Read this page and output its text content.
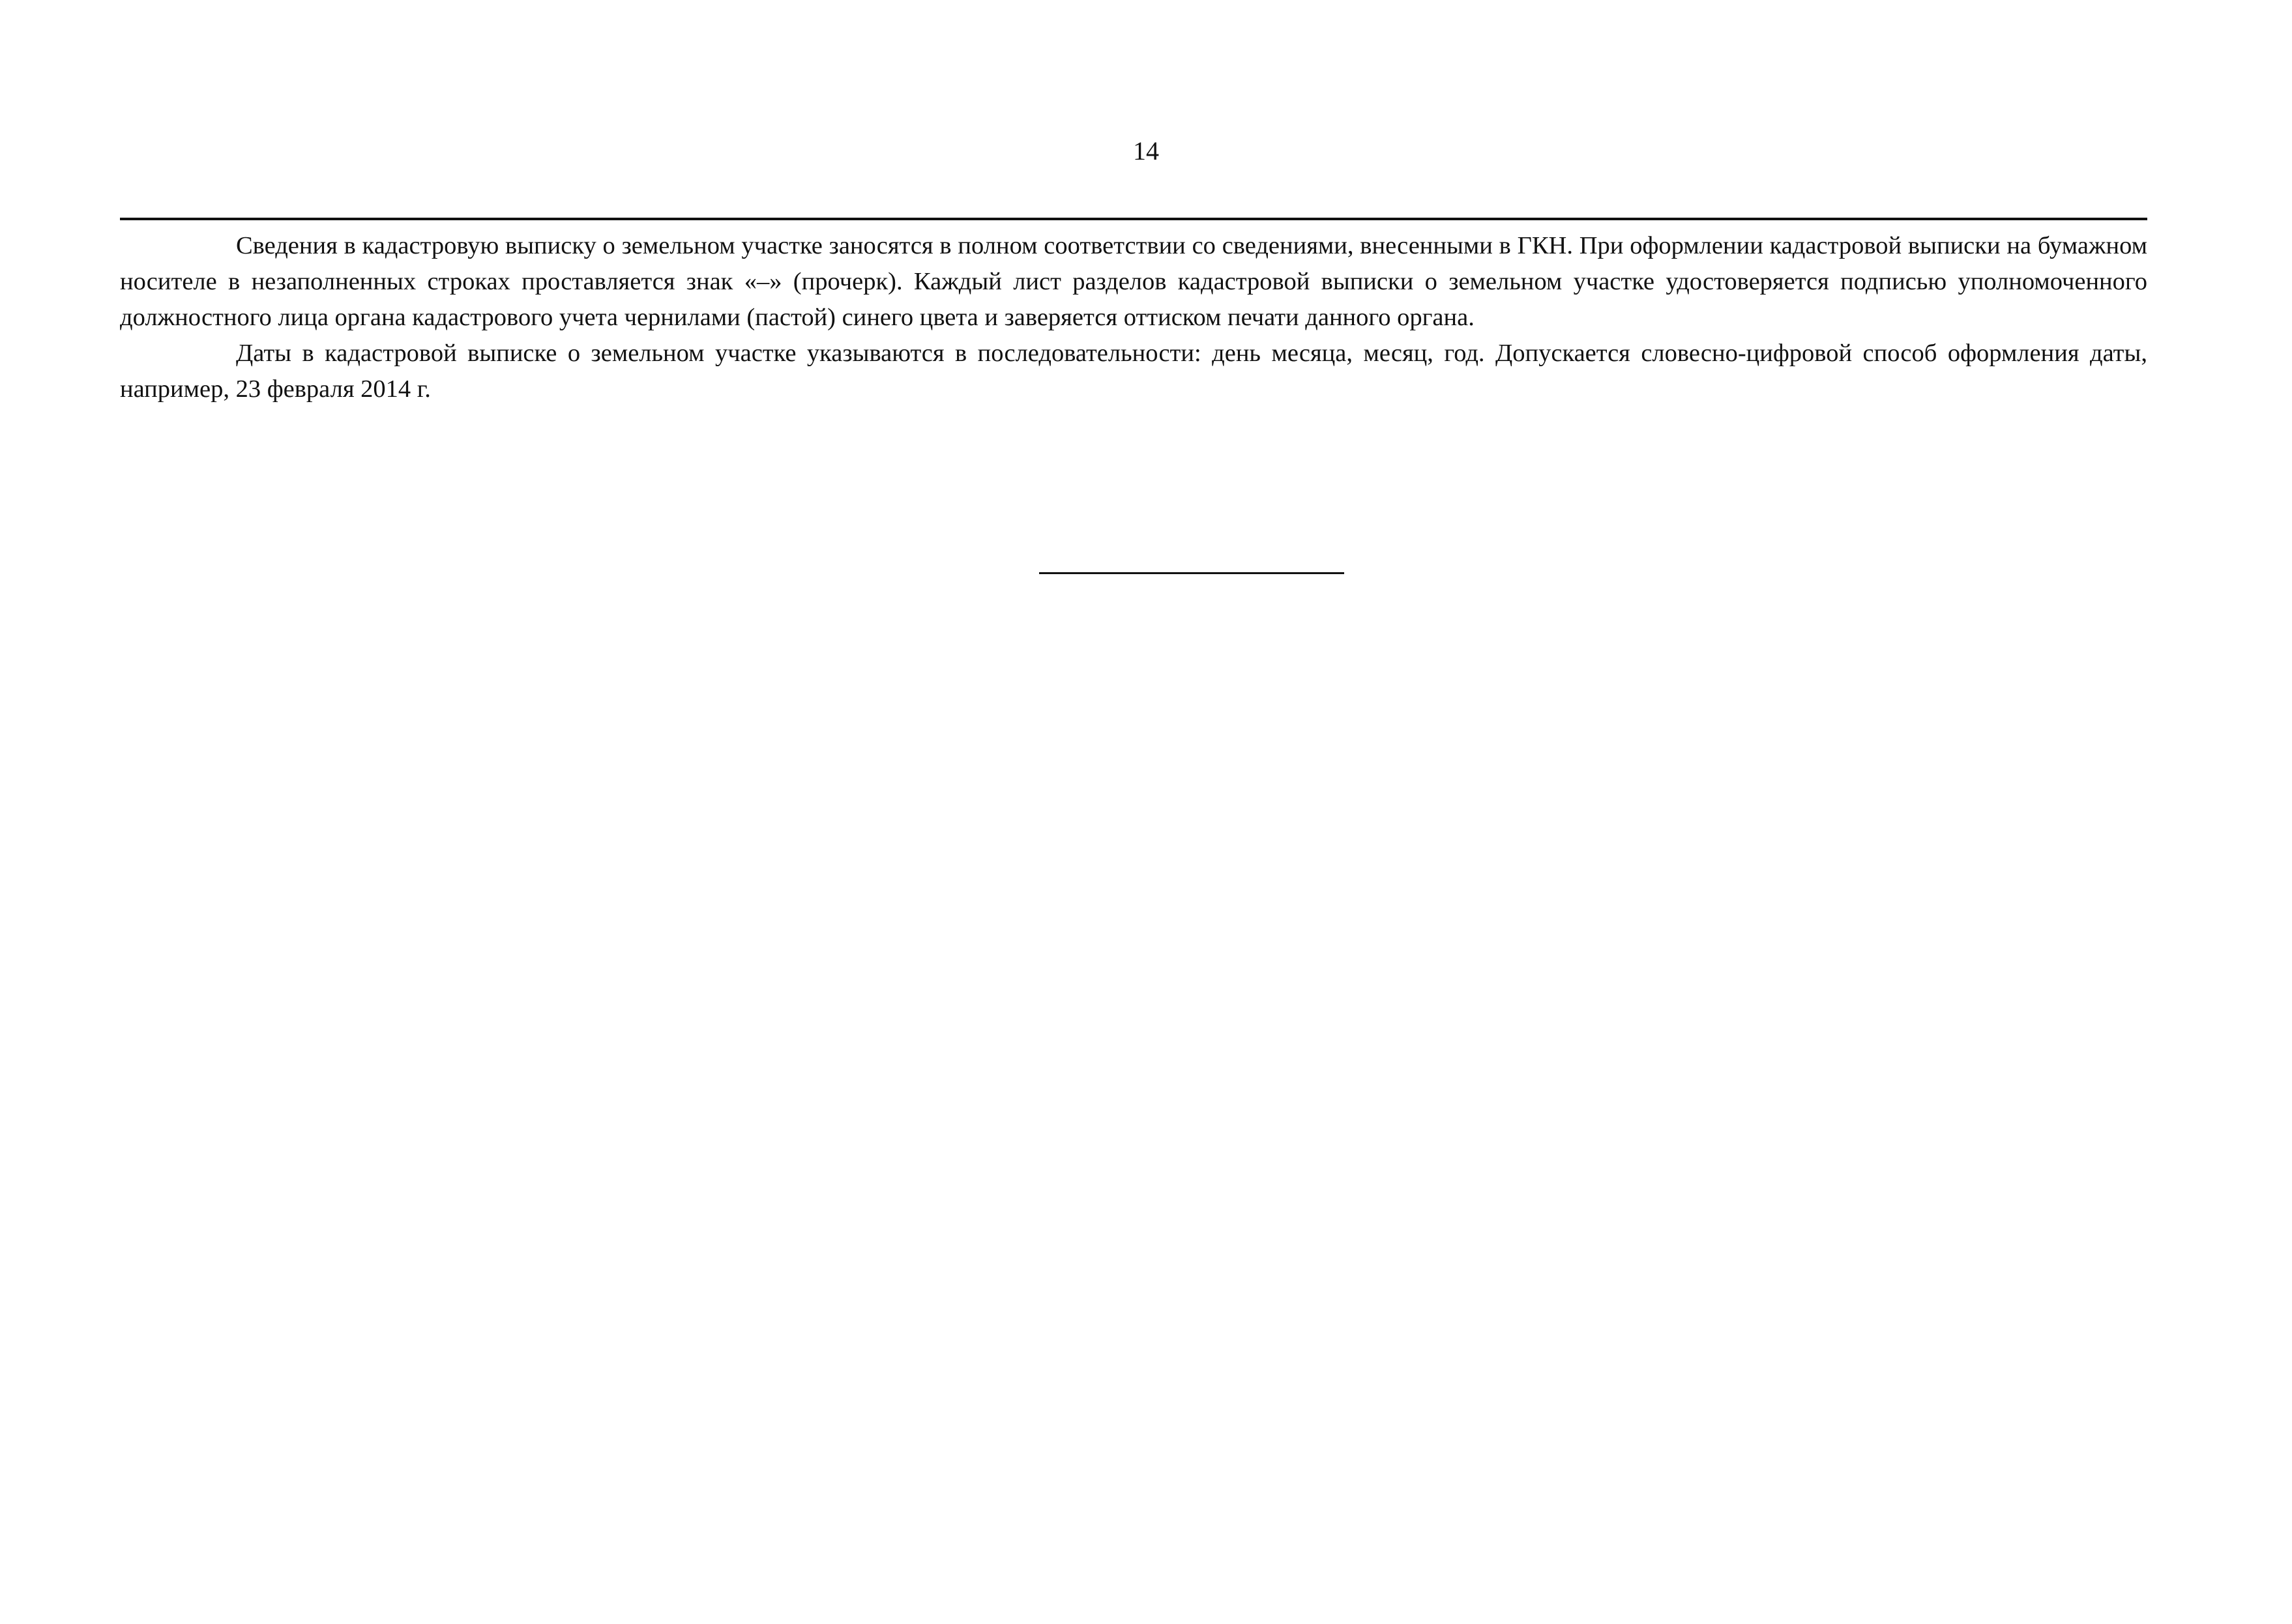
14

Сведения в кадастровую выписку о земельном участке заносятся в полном соответствии со сведениями, внесенными в ГКН. При оформлении кадастровой выписки на бумажном носителе в незаполненных строках проставляется знак «–» (прочерк). Каждый лист разделов кадастровой выписки о земельном участке удостоверяется подписью уполномоченного должностного лица органа кадастрового учета чернилами (пастой) синего цвета и заверяется оттиском печати данного органа.

Даты в кадастровой выписке о земельном участке указываются в последовательности: день месяца, месяц, год. Допускается словесно-цифровой способ оформления даты, например, 23 февраля 2014 г.
